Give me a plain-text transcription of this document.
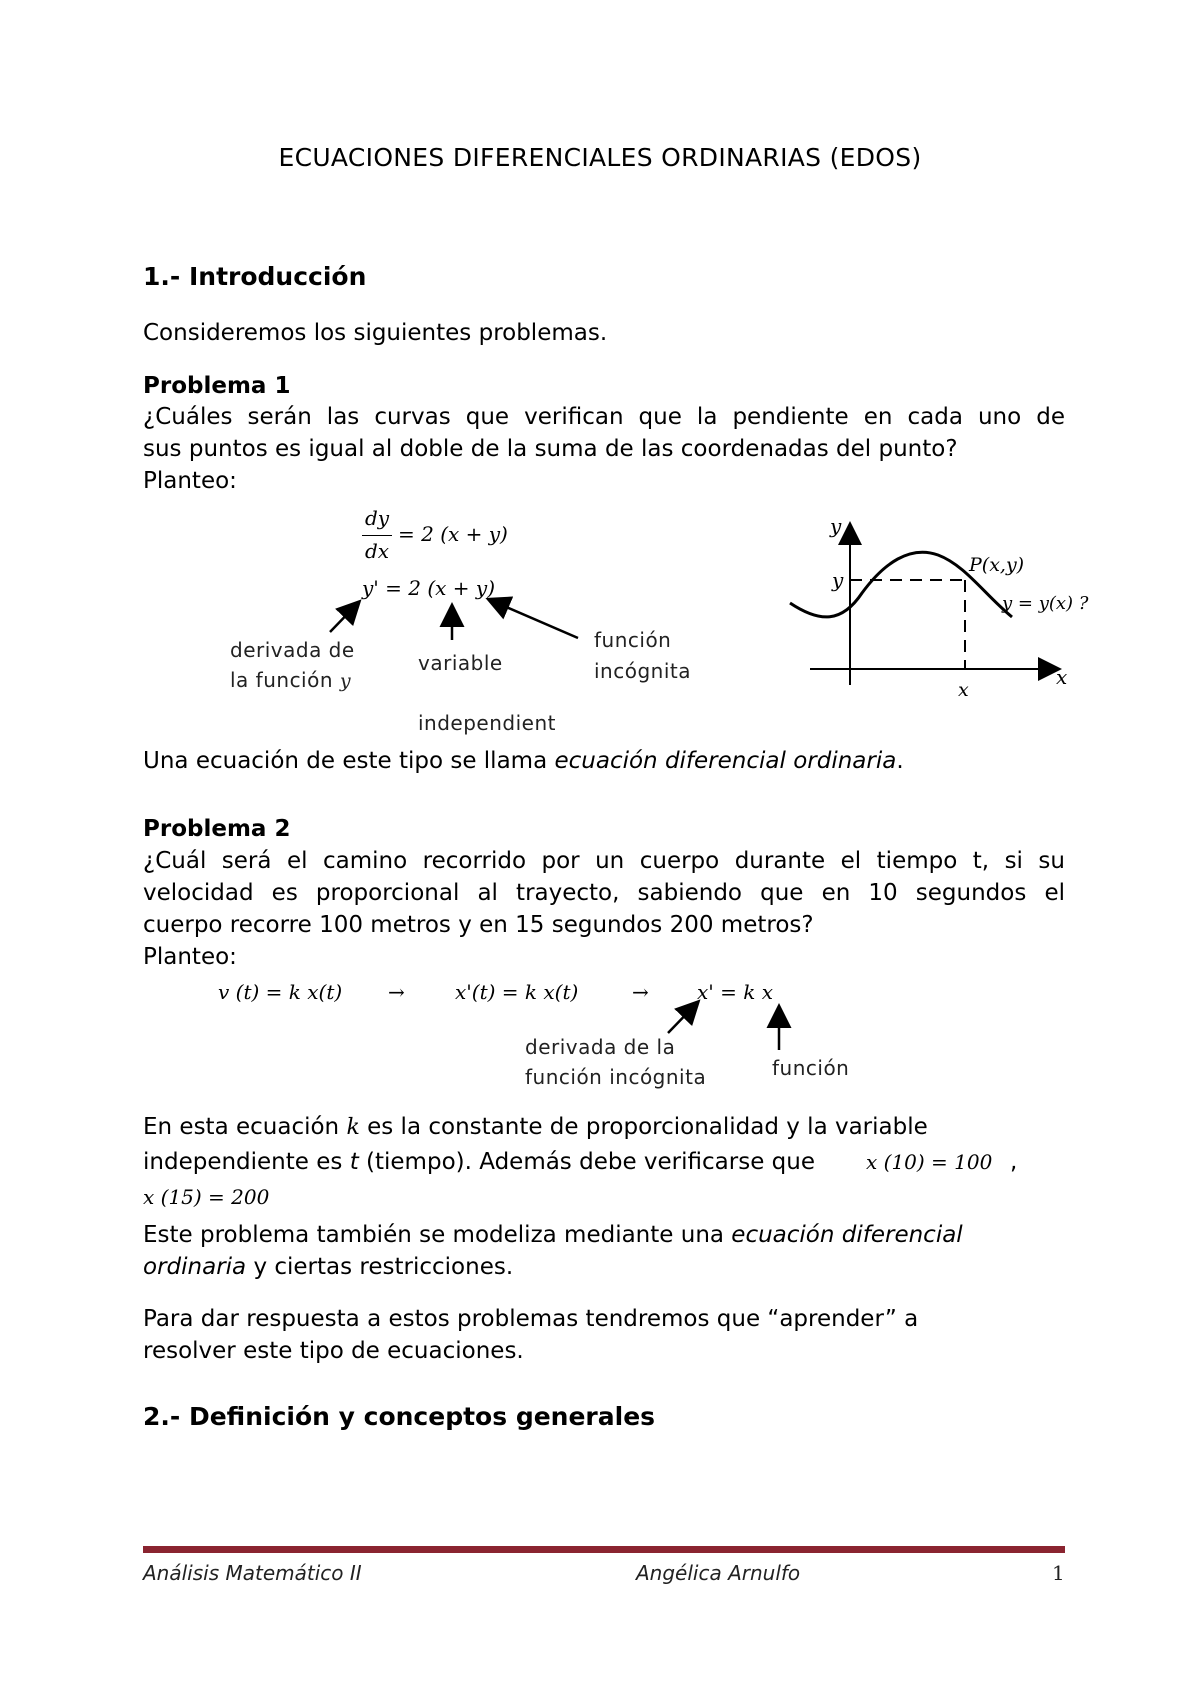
ECUACIONES DIFERENCIALES ORDINARIAS (EDOS)
1.- Introducción
Consideremos los siguientes problemas.
Problema 1
¿Cuáles serán las curvas que verifican que la pendiente en cada uno de
sus puntos es igual al doble de la suma de las coordenadas del punto?
Planteo:
dy
dx
= 2 (x + y)
y' = 2 (x + y)
derivada de
la función y
variable
independient
función
incógnita
y
y
x
x
P(x,y)
y = y(x) ?
Una ecuación de este tipo se llama ecuación diferencial ordinaria.
Problema 2
¿Cuál será el camino recorrido por un cuerpo durante el tiempo t, si su
velocidad es proporcional al trayecto, sabiendo que en 10 segundos el
cuerpo recorre 100 metros y en 15 segundos 200 metros?
Planteo:
v (t) = k x(t) →	x'(t) = k x(t)	→ x' = k x
derivada de la
función incógnita	función
En esta ecuación k es la constante de proporcionalidad y la variable
independiente es t (tiempo). Además debe verificarse que	x (10) = 100 ,
x (15) = 200
Este problema también se modeliza mediante una ecuación diferencial
ordinaria y ciertas restricciones.
Para dar respuesta a estos problemas tendremos que “aprender” a
resolver este tipo de ecuaciones.
2.- Definición y conceptos generales
Análisis Matemático II	Angélica Arnulfo	1
